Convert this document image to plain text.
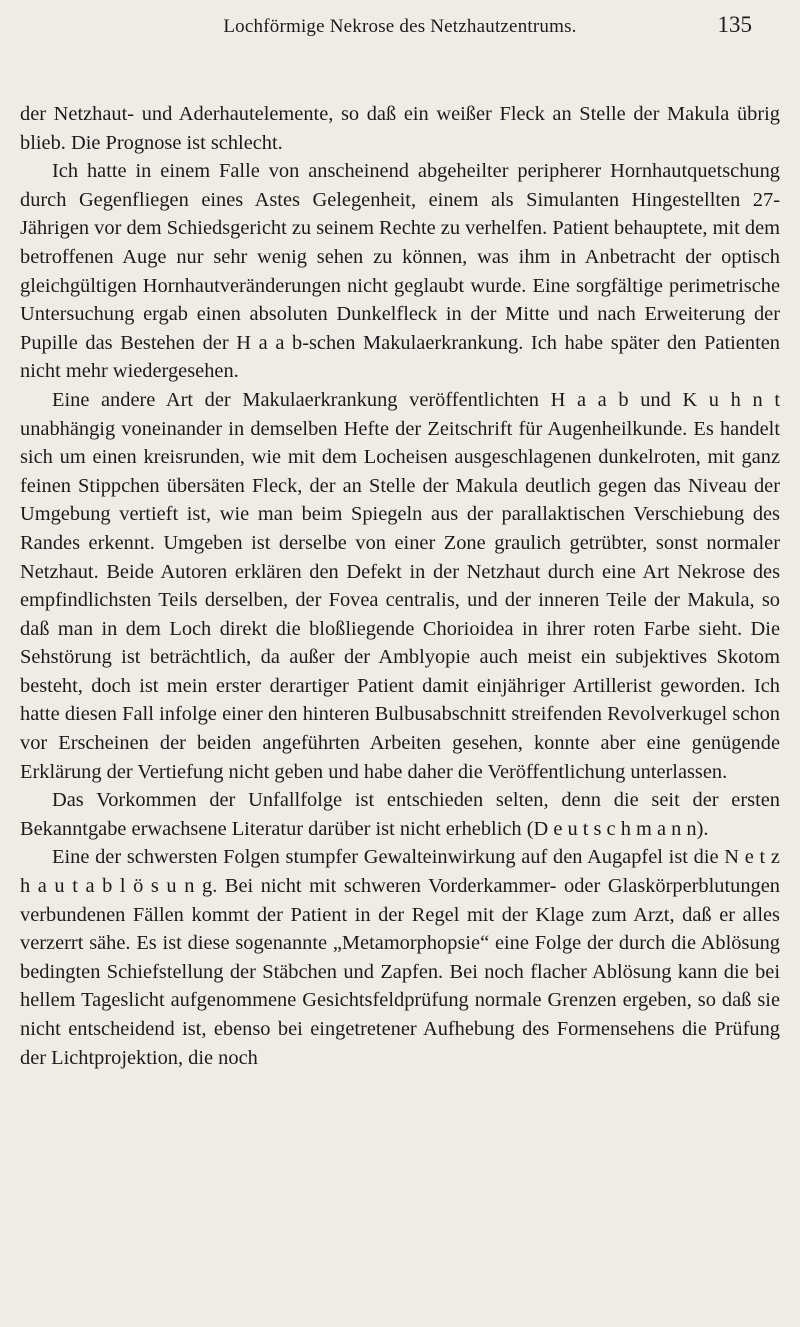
Lochförmige Nekrose des Netzhautzentrums.	135

der Netzhaut- und Aderhautelemente, so daß ein weißer Fleck an Stelle der Makula übrig blieb. Die Prognose ist schlecht.

Ich hatte in einem Falle von anscheinend abgeheilter peripherer Hornhautquetschung durch Gegenfliegen eines Astes Gelegenheit, einem als Simulanten Hingestellten 27-Jährigen vor dem Schiedsgericht zu seinem Rechte zu verhelfen. Patient behauptete, mit dem betroffenen Auge nur sehr wenig sehen zu können, was ihm in Anbetracht der optisch gleichgültigen Hornhautveränderungen nicht geglaubt wurde. Eine sorgfältige perimetrische Untersuchung ergab einen absoluten Dunkelfleck in der Mitte und nach Erweiterung der Pupille das Bestehen der H a a b-schen Makulaerkrankung. Ich habe später den Patienten nicht mehr wiedergesehen.

Eine andere Art der Makulaerkrankung veröffentlichten H a a b und K u h n t unabhängig voneinander in demselben Hefte der Zeitschrift für Augenheilkunde. Es handelt sich um einen kreisrunden, wie mit dem Locheisen ausgeschlagenen dunkelroten, mit ganz feinen Stippchen übersäten Fleck, der an Stelle der Makula deutlich gegen das Niveau der Umgebung vertieft ist, wie man beim Spiegeln aus der parallaktischen Verschiebung des Randes erkennt. Umgeben ist derselbe von einer Zone graulich getrübter, sonst normaler Netzhaut. Beide Autoren erklären den Defekt in der Netzhaut durch eine Art Nekrose des empfindlichsten Teils derselben, der Fovea centralis, und der inneren Teile der Makula, so daß man in dem Loch direkt die bloßliegende Chorioidea in ihrer roten Farbe sieht. Die Sehstörung ist beträchtlich, da außer der Amblyopie auch meist ein subjektives Skotom besteht, doch ist mein erster derartiger Patient damit einjähriger Artillerist geworden. Ich hatte diesen Fall infolge einer den hinteren Bulbusabschnitt streifenden Revolverkugel schon vor Erscheinen der beiden angeführten Arbeiten gesehen, konnte aber eine genügende Erklärung der Vertiefung nicht geben und habe daher die Veröffentlichung unterlassen.

Das Vorkommen der Unfallfolge ist entschieden selten, denn die seit der ersten Bekanntgabe erwachsene Literatur darüber ist nicht erheblich (D e u t s c h m a n n).

Eine der schwersten Folgen stumpfer Gewalteinwirkung auf den Augapfel ist die N e t z h a u t a b l ö s u n g. Bei nicht mit schweren Vorderkammer- oder Glaskörperblutungen verbundenen Fällen kommt der Patient in der Regel mit der Klage zum Arzt, daß er alles verzerrt sähe. Es ist diese sogenannte „Metamorphopsie“ eine Folge der durch die Ablösung bedingten Schiefstellung der Stäbchen und Zapfen. Bei noch flacher Ablösung kann die bei hellem Tageslicht aufgenommene Gesichtsfeldprüfung normale Grenzen ergeben, so daß sie nicht entscheidend ist, ebenso bei eingetretener Aufhebung des Formensehens die Prüfung der Lichtprojektion, die noch
